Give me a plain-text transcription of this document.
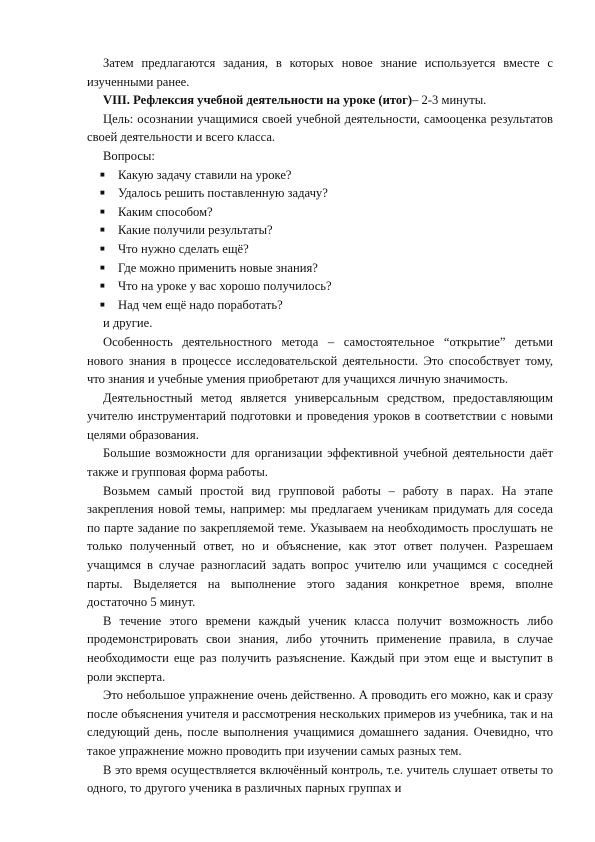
Затем предлагаются задания, в которых новое знание используется вместе с изученными ранее.

VIII. Рефлексия учебной деятельности на уроке (итог)– 2-3 минуты.

Цель: осознании учащимися своей учебной деятельности, самооценка результатов своей деятельности и всего класса.

Вопросы:

■ Какую задачу ставили на уроке?
■ Удалось решить поставленную задачу?
■ Каким способом?
■ Какие получили результаты?
■ Что нужно сделать ещё?
■ Где можно применить новые знания?
■ Что на уроке у вас хорошо получилось?
■ Над чем ещё надо поработать?

и другие.

Особенность деятельностного метода – самостоятельное “открытие” детьми нового знания в процессе исследовательской деятельности. Это способствует тому, что знания и учебные умения приобретают для учащихся личную значимость.

Деятельностный метод является универсальным средством, предоставляющим учителю инструментарий подготовки и проведения уроков в соответствии с новыми целями образования.

Большие возможности для организации эффективной учебной деятельности даёт также и групповая форма работы.

Возьмем самый простой вид групповой работы – работу в парах. На этапе закрепления новой темы, например: мы предлагаем ученикам придумать для соседа по парте задание по закрепляемой теме. Указываем на необходимость прослушать не только полученный ответ, но и объяснение, как этот ответ получен. Разрешаем учащимся в случае разногласий задать вопрос учителю или учащимся с соседней парты. Выделяется на выполнение этого задания конкретное время, вполне достаточно 5 минут.

В течение этого времени каждый ученик класса получит возможность либо продемонстрировать свои знания, либо уточнить применение правила, в случае необходимости еще раз получить разъяснение. Каждый при этом еще и выступит в роли эксперта.

Это небольшое упражнение очень действенно. А проводить его можно, как и сразу после объяснения учителя и рассмотрения нескольких примеров из учебника, так и на следующий день, после выполнения учащимися домашнего задания. Очевидно, что такое упражнение можно проводить при изучении самых разных тем.

В это время осуществляется включённый контроль, т.е. учитель слушает ответы то одного, то другого ученика в различных парных группах и
